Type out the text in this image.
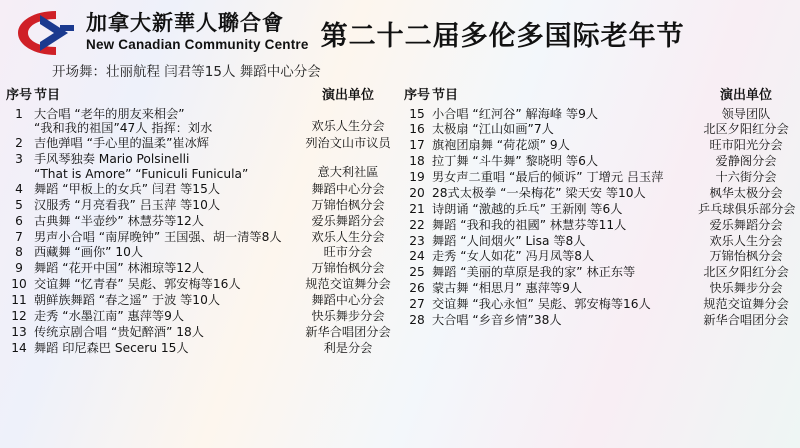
加拿大新華人聯合會
New Canadian Community Centre 第二十二届多伦多国际老年节
开场舞：壮丽航程 闫君等15人 舞蹈中心分会
序号	节目	演出单位
1	大合唱 “老年的朋友来相会”
“我和我的祖国”47人 指挥：刘水	欢乐人生分会
2	吉他弹唱 “手心里的温柔”崔冰辉	列治文山市议员
3	手风琴独奏 Mario Polsinelli
“That is Amore” “Funiculi Funicula”	意大利社區
4	舞蹈 “甲板上的女兵” 闫君 等15人	舞蹈中心分会
5	汉服秀 “月亮看我” 吕玉萍 等10人	万锦怡枫分会
6	古典舞 “半壶纱” 林慧芬等12人	爱乐舞蹈分会
7	男声小合唱 “南屏晚钟” 王国强、胡一清等8人	欢乐人生分会
8	西藏舞 “画你” 10人	旺市分会
9	舞蹈 “花开中国” 林湘琼等12人	万锦怡枫分会
10	交谊舞 “忆青春” 吴彪、郭安梅等16人	规范交谊舞分会
11	朝鲜族舞蹈 “春之遥” 于波 等10人	舞蹈中心分会
12	走秀 “水墨江南” 惠萍等9人	快乐舞步分会
13	传统京剧合唱 “贵妃醉酒” 18人	新华合唱团分会
14	舞蹈 印尼森巴 Seceru 15人	利是分会
序号	节目	演出单位
15	小合唱 “红河谷” 解海峰 等9人	领导团队
16	太极扇 “江山如画”7人	北区夕阳红分会
17	旗袍团扇舞 “荷花颂” 9人	旺市阳光分会
18	拉丁舞 “斗牛舞” 黎晓明 等6人	爱静阁分会
19	男女声二重唱 “最后的倾诉” 丁增元 吕玉萍	十六街分会
20	28式太极拳 “一朵梅花” 梁天安 等10人	枫华太极分会
21	诗朗诵 “激越的乒乓” 王新刚 等6人	乒乓球俱乐部分会
22	舞蹈 “我和我的祖國” 林慧芬等11人	爱乐舞蹈分会
23	舞蹈 “人间烟火” Lisa 等8人	欢乐人生分会
24	走秀 “女人如花” 冯月凤等8人	万锦怡枫分会
25	舞蹈 “美丽的草原是我的家” 林正东等	北区夕阳红分会
26	蒙古舞 “相思月” 惠萍等9人	快乐舞步分会
27	交谊舞 “我心永恒” 吴彪、郭安梅等16人	规范交谊舞分会
28	大合唱 “乡音乡情”38人	新华合唱团分会
